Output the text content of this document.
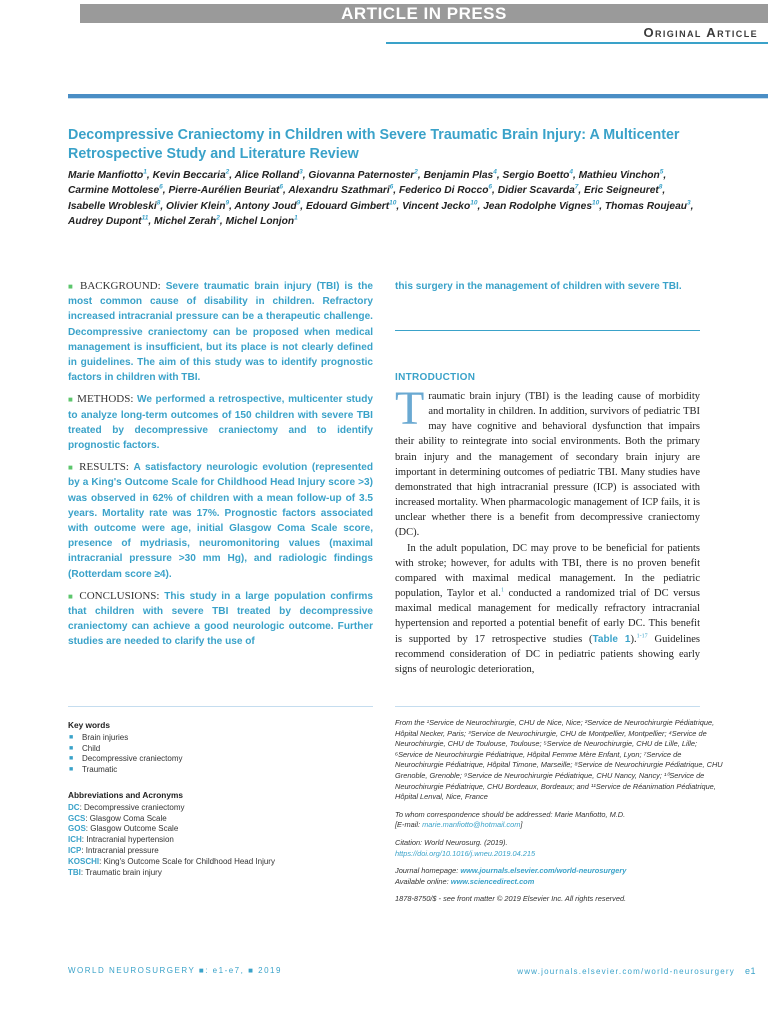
ARTICLE IN PRESS
Original Article
Decompressive Craniectomy in Children with Severe Traumatic Brain Injury: A Multicenter Retrospective Study and Literature Review
Marie Manfiotto$^1$, Kevin Beccaria$^2$, Alice Rolland$^3$, Giovanna Paternoster$^2$, Benjamin Plas$^4$, Sergio Boetto$^4$, Mathieu Vinchon$^5$, Carmine Mottolese$^6$, Pierre-Aurélien Beuriat$^6$, Alexandru Szathmari$^6$, Federico Di Rocco$^6$, Didier Scavarda$^7$, Eric Seigneuret$^8$, Isabelle Wrobleski$^8$, Olivier Klein$^9$, Antony Joud$^9$, Edouard Gimbert$^{10}$, Vincent Jecko$^{10}$, Jean Rodolphe Vignes$^{10}$, Thomas Roujeau$^3$, Audrey Dupont$^{11}$, Michel Zerah$^2$, Michel Lonjon$^1$

■ BACKGROUND: Severe traumatic brain injury (TBI) is the most common cause of disability in children. Refractory increased intracranial pressure can be a therapeutic challenge. Decompressive craniectomy can be proposed when medical management is insufficient, but its place is not clearly defined in guidelines. The aim of this study was to identify prognostic factors in children with TBI.

■ METHODS: We performed a retrospective, multicenter study to analyze long-term outcomes of 150 children with severe TBI treated by decompressive craniectomy and to identify prognostic factors.

■ RESULTS: A satisfactory neurologic evolution (represented by a King's Outcome Scale for Childhood Head Injury score >3) was observed in 62% of children with a mean follow-up of 3.5 years. Mortality rate was 17%. Prognostic factors associated with outcome were age, initial Glasgow Coma Scale score, presence of mydriasis, neuromonitoring values (maximal intracranial pressure >30 mm Hg), and radiologic findings (Rotterdam score ≥4).

■ CONCLUSIONS: This study in a large population confirms that children with severe TBI treated by decompressive craniectomy can achieve a good neurologic outcome. Further studies are needed to clarify the use of

this surgery in the management of children with severe TBI.
INTRODUCTION

Traumatic brain injury (TBI) is the leading cause of morbidity and mortality in children. In addition, survivors of pediatric TBI may have cognitive and behavioral dysfunction that impairs their ability to reintegrate into social environments. Both the primary brain injury and the management of secondary brain injury are important in determining outcomes of pediatric TBI. Many studies have demonstrated that high intracranial pressure (ICP) is associated with increased mortality. When pharmacologic management of ICP fails, it is unclear whether there is a benefit from decompressive craniectomy (DC).

In the adult population, DC may prove to be beneficial for patients with stroke; however, for adults with TBI, there is no proven benefit compared with maximal medical management. In the pediatric population, Taylor et al.$^1$ conducted a randomized trial of DC versus maximal medical management for medically refractory intracranial hypertension and reported a potential benefit of early DC. This benefit is supported by 17 retrospective studies (Table 1).$^{1-17}$ Guidelines recommend consideration of DC in pediatric patients showing early signs of neurologic deterioration,

Key words
■ Brain injuries
■ Child
■ Decompressive craniectomy
■ Traumatic
Abbreviations and Acronyms
DC: Decompressive craniectomy
GCS: Glasgow Coma Scale
GOS: Glasgow Outcome Scale
ICH: Intracranial hypertension
ICP: Intracranial pressure
KOSCHI: King's Outcome Scale for Childhood Head Injury
TBI: Traumatic brain injury

From the ¹Service de Neurochirurgie, CHU de Nice, Nice; ²Service de Neurochirurgie Pédiatrique, Hôpital Necker, Paris; ³Service de Neurochirurgie, CHU de Montpellier, Montpellier; ⁴Service de Neurochirurgie, CHU de Toulouse, Toulouse; ⁵Service de Neurochirurgie, CHU de Lille, Lille; ⁶Service de Neurochirurgie Pédiatrique, Hôpital Femme Mère Enfant, Lyon; ⁷Service de Neurochirurgie Pédiatrique, Hôpital Timone, Marseille; ⁸Service de Neurochirurgie Pédiatrique, CHU Grenoble, Grenoble; ⁹Service de Neurochirurgie Pédiatrique, CHU Nancy, Nancy; ¹⁰Service de Neurochirurgie Pédiatrique, CHU Bordeaux, Bordeaux; and ¹¹Service de Réanimation Pédiatrique, Hôpital Lenval, Nice, France

To whom correspondence should be addressed: Marie Manfiotto, M.D.
[E-mail: marie.manfiotto@hotmail.com]

Citation: World Neurosurg. (2019).
https://doi.org/10.1016/j.wneu.2019.04.215

Journal homepage: www.journals.elsevier.com/world-neurosurgery
Available online: www.sciencedirect.com

1878-8750/$ - see front matter © 2019 Elsevier Inc. All rights reserved.

WORLD NEUROSURGERY ■: e1-e7, ■ 2019	www.journals.elsevier.com/world-neurosurgery e1
